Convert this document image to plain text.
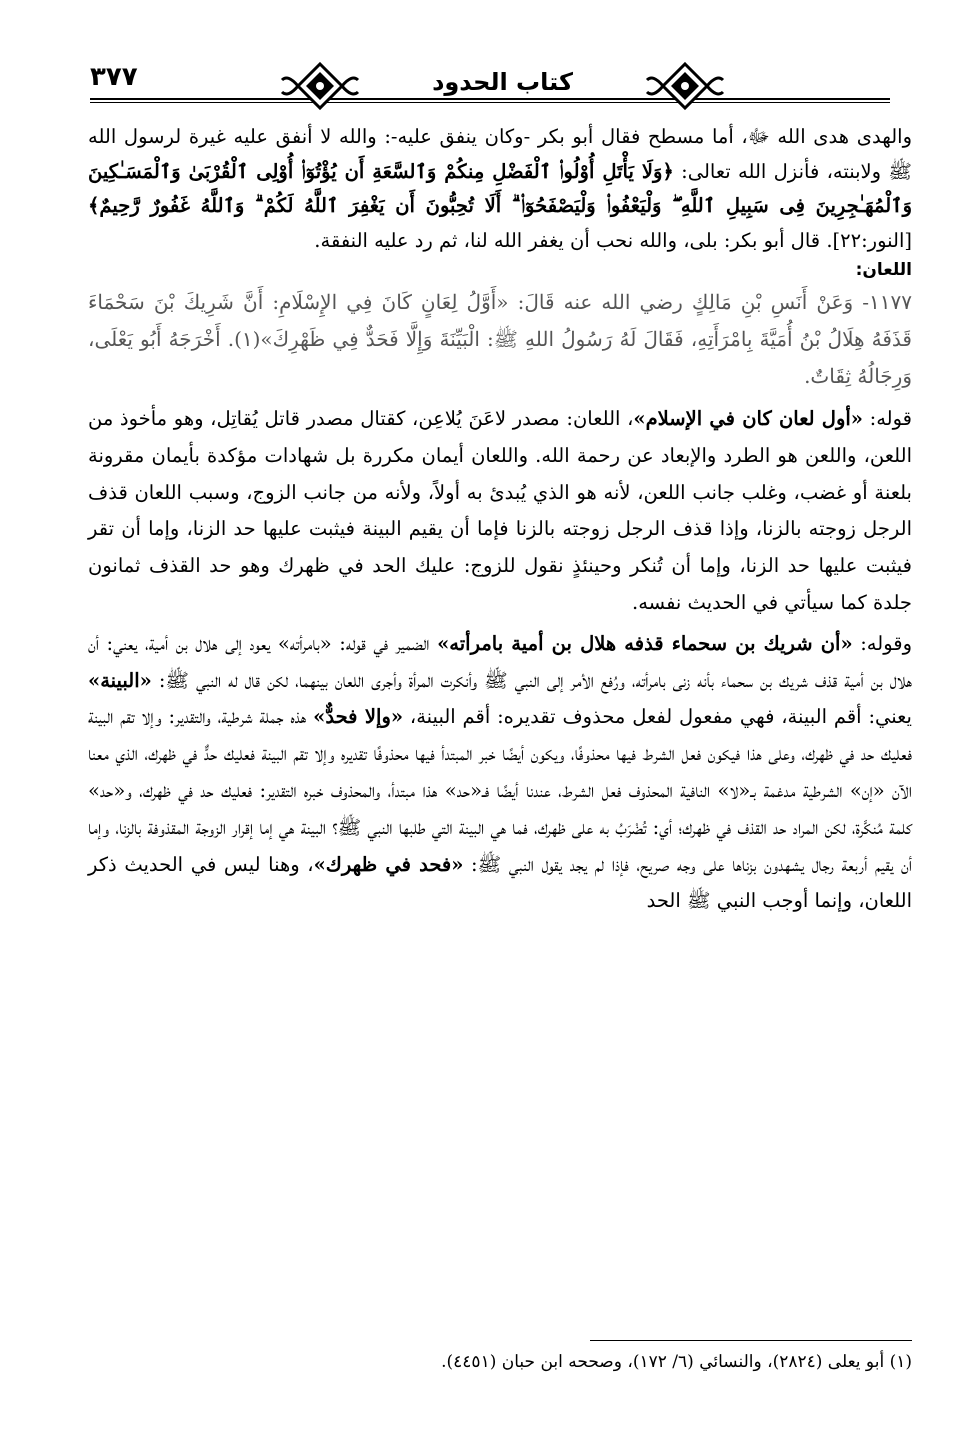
٣٧٧	كتاب الحدود

والهدى هدى الله ﷻ، أما مسطح فقال أبو بكر -وكان ينفق عليه-: والله لا أنفق عليه غيرة لرسول الله ﷺ ولابنته، فأنزل الله تعالى: ﴿وَلَا يَأْتَلِ أُوْلُوا۟ ٱلْفَضْلِ مِنكُمْ وَٱلسَّعَةِ أَن يُؤْتُوٓا۟ أُوْلِى ٱلْقُرْبَىٰ وَٱلْمَسَـٰكِينَ وَٱلْمُهَـٰجِرِينَ فِى سَبِيلِ ٱللَّهِ ۖ وَلْيَعْفُوا۟ وَلْيَصْفَحُوٓا۟ ۗ أَلَا تُحِبُّونَ أَن يَغْفِرَ ٱللَّهُ لَكُمْ ۗ وَٱللَّهُ غَفُورٌ رَّحِيمٌ﴾ [النور:٢٢]. قال أبو بكر: بلى، والله نحب أن يغفر الله لنا، ثم رد عليه النفقة.

اللعان:

١١٧٧- وَعَنْ أَنَسِ بْنِ مَالِكٍ رضي الله عنه قَالَ: «أَوَّلُ لِعَانٍ كَانَ فِي الإِسْلَامِ: أَنَّ شَرِيكَ بْنَ سَحْمَاءَ قَذَفَهُ هِلَالُ بْنُ أُمَيَّةَ بِامْرَأَتِهِ، فَقَالَ لَهُ رَسُولُ اللهِ ﷺ: الْبَيِّنَةَ وَإِلَّا فَحَدٌّ فِي ظَهْرِكَ»(١). أَخْرَجَهُ أَبُو يَعْلَى، وَرِجَالُهُ ثِقَاتٌ.

قوله: «أول لعان كان في الإسلام»، اللعان: مصدر لاعَنَ يُلاعِن، كقتال مصدر قاتل يُقاتِل، وهو مأخوذ من اللعن، واللعن هو الطرد والإبعاد عن رحمة الله. واللعان أيمان مكررة بل شهادات مؤكدة بأيمان مقرونة بلعنة أو غضب، وغلب جانب اللعن، لأنه هو الذي يُبدئ به أولاً، ولأنه من جانب الزوج، وسبب اللعان قذف الرجل زوجته بالزنا، وإذا قذف الرجل زوجته بالزنا فإما أن يقيم البينة فيثبت عليها حد الزنا، وإما أن تقر فيثبت عليها حد الزنا، وإما أن تُنكر وحينئذٍ نقول للزوج: عليك الحد في ظهرك وهو حد القذف ثمانون جلدة كما سيأتي في الحديث نفسه.

وقوله: «أن شريك بن سحماء قذفه هلال بن أمية بامرأته» الضمير في قوله: «بامرأته» يعود إلى هلال بن أمية، يعني: أن هلال بن أمية قذف شريك بن سحماء بأنه زنى بامرأته، ورُفع الأمر إلى النبي ﷺ وأنكرت المرأة وأجرى اللعان بينهما، لكن قال له النبي ﷺ: «البينة» يعني: أقم البينة، فهي مفعول لفعل محذوف تقديره: أقم البينة، «وإلا فحدٌّ» هذه جملة شرطية، والتقدير: وإلا تقم البينة فعليك حد في ظهرك، وعلى هذا فيكون فعل الشرط فيها محذوفًا، ويكون أيضًا خبر المبتدأ فيها محذوفًا تقديره وإلا تقم البينة فعليك حدٌّ في ظهرك، الذي معنا الآن «إن» الشرطية مدغمة بـ«لا» النافية المحذوف فعل الشرط، عندنا أيضًا فـ«حد» هذا مبتدأ، والمحذوف خبره التقدير: فعليك حد في ظهرك، و«حد» كلمة مُنكَّرة، لكن المراد حد القذف في ظهرك؛ أي: تُضْرَبُ به على ظهرك، فما هي البينة التي طلبها النبي ﷺ؟ البينة هي إما إقرار الزوجة المقذوفة بالزنا، وإما أن يقيم أربعة رجال يشهدون بزناها على وجه صريح، فإذا لم يجد يقول النبي ﷺ: «فحد في ظهرك»، وهنا ليس في الحديث ذكر اللعان، وإنما أوجب النبي ﷺ الحد

(١) أبو يعلى (٢٨٢٤)، والنسائي (٦/ ١٧٢)، وصححه ابن حبان (٤٤٥١).
